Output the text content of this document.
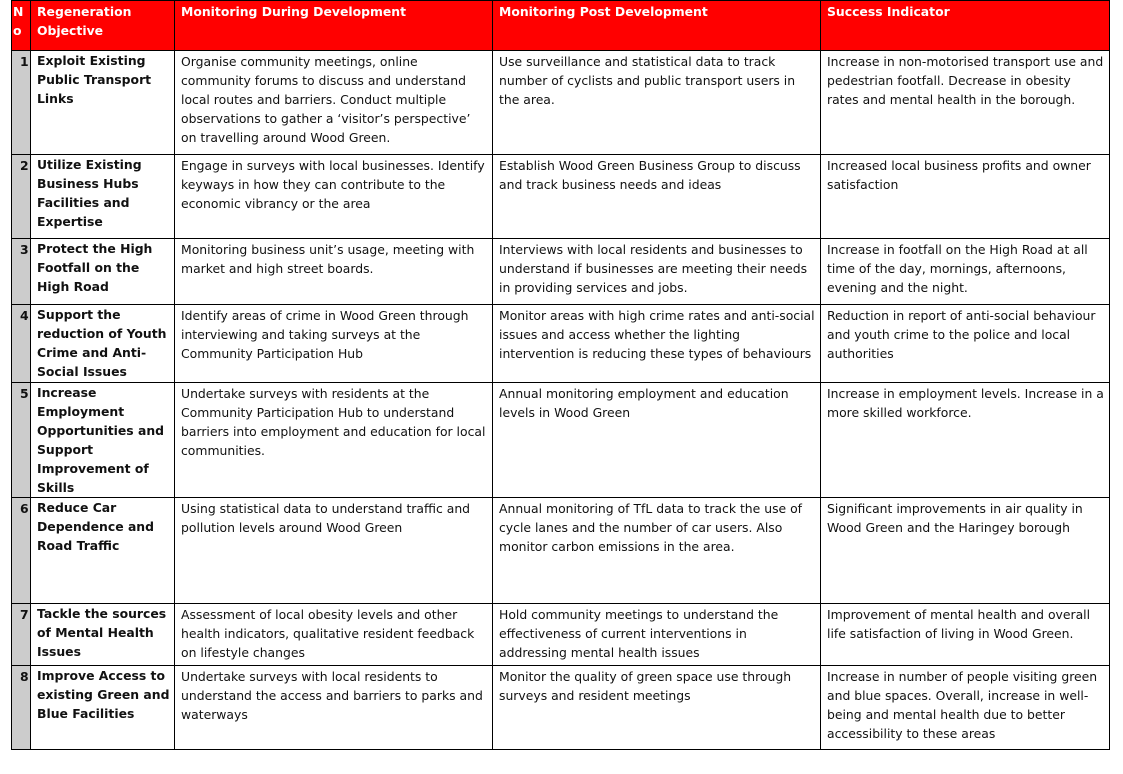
N o	Regeneration Objective	Monitoring During Development	Monitoring Post Development	Success Indicator

1	Exploit Existing Public Transport Links	Organise community meetings, online community forums to discuss and understand local routes and barriers. Conduct multiple observations to gather a ‘visitor’s perspective’ on travelling around Wood Green.	Use surveillance and statistical data to track number of cyclists and public transport users in the area.	Increase in non-motorised transport use and pedestrian footfall. Decrease in obesity rates and mental health in the borough.

2	Utilize Existing Business Hubs Facilities and Expertise	Engage in surveys with local businesses. Identify keyways in how they can contribute to the economic vibrancy or the area	Establish Wood Green Business Group to discuss and track business needs and ideas	Increased local business profits and owner satisfaction

3	Protect the High Footfall on the High Road	Monitoring business unit’s usage, meeting with market and high street boards.	Interviews with local residents and businesses to understand if businesses are meeting their needs in providing services and jobs.	Increase in footfall on the High Road at all time of the day, mornings, afternoons, evening and the night.

4	Support the reduction of Youth Crime and Anti-Social Issues	Identify areas of crime in Wood Green through interviewing and taking surveys at the Community Participation Hub	Monitor areas with high crime rates and anti-social issues and access whether the lighting intervention is reducing these types of behaviours	Reduction in report of anti-social behaviour and youth crime to the police and local authorities

5	Increase Employment Opportunities and Support Improvement of Skills	Undertake surveys with residents at the Community Participation Hub to understand barriers into employment and education for local communities.	Annual monitoring employment and education levels in Wood Green	Increase in employment levels. Increase in a more skilled workforce.

6	Reduce Car Dependence and Road Traffic	Using statistical data to understand traffic and pollution levels around Wood Green	Annual monitoring of TfL data to track the use of cycle lanes and the number of car users. Also monitor carbon emissions in the area.	Significant improvements in air quality in Wood Green and the Haringey borough

7	Tackle the sources of Mental Health Issues	Assessment of local obesity levels and other health indicators, qualitative resident feedback on lifestyle changes	Hold community meetings to understand the effectiveness of current interventions in addressing mental health issues	Improvement of mental health and overall life satisfaction of living in Wood Green.

8	Improve Access to existing Green and Blue Facilities	Undertake surveys with local residents to understand the access and barriers to parks and waterways	Monitor the quality of green space use through surveys and resident meetings	Increase in number of people visiting green and blue spaces. Overall, increase in well-being and mental health due to better accessibility to these areas
